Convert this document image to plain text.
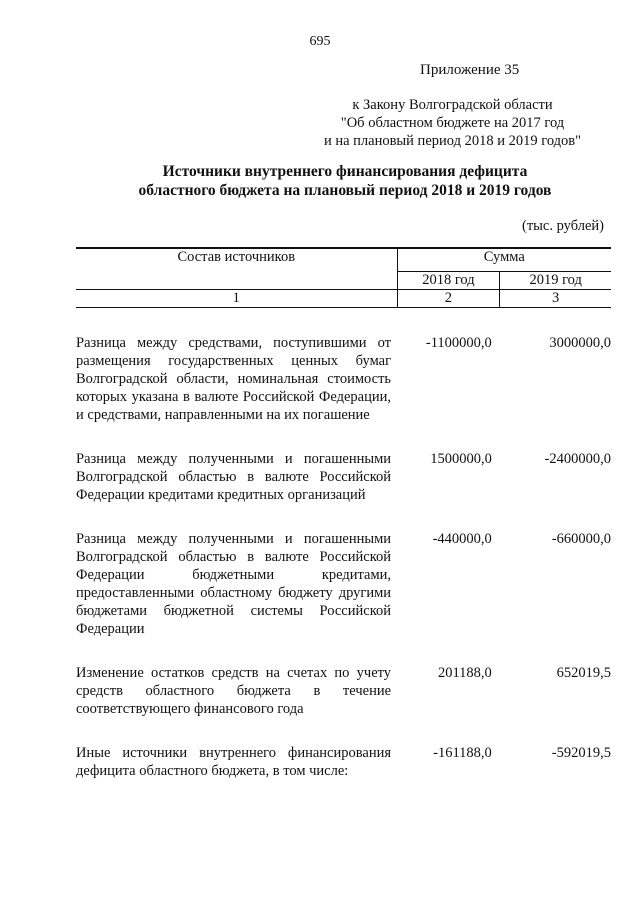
695
Приложение 35
к Закону Волгоградской области
"Об областном бюджете на 2017 год
и на плановый период 2018 и 2019 годов"
Источники внутреннего финансирования дефицита
областного бюджета на плановый период 2018 и 2019 годов
(тыс. рублей)
Состав источников	Сумма	
	2018 год	2019 год
1	2	3

Разница между средствами, поступившими от размещения государственных ценных бумаг Волгоградской области, номинальная стоимость которых указана в валюте Российской Федерации, и средствами, направленными на их погашение	-1100000,0	3000000,0

Разница между полученными и погашенными Волгоградской областью в валюте Российской Федерации кредитами кредитных организаций	1500000,0	-2400000,0

Разница между полученными и погашенными Волгоградской областью в валюте Российской Федерации бюджетными кредитами, предоставленными областному бюджету другими бюджетами бюджетной системы Российской Федерации	-440000,0	-660000,0

Изменение остатков средств на счетах по учету средств областного бюджета в течение соответствующего финансового года	201188,0	652019,5

Иные источники внутреннего финансирования дефицита областного бюджета, в том числе:	-161188,0	-592019,5
